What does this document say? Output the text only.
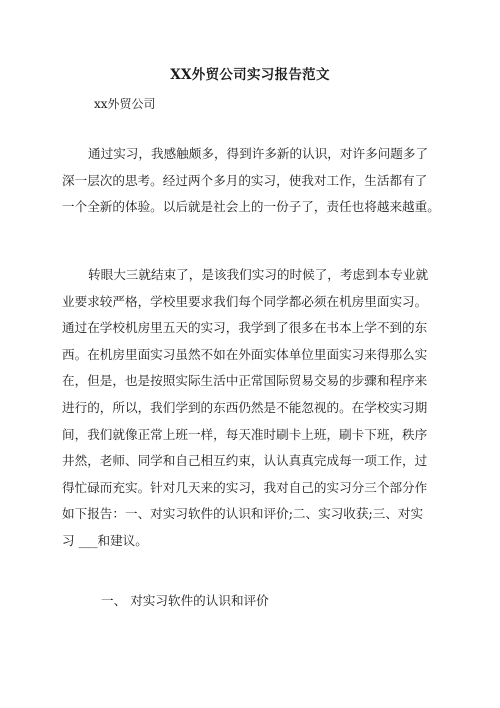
XX外贸公司实习报告范文
xx外贸公司
通过实习，我感触颇多，得到许多新的认识，对许多问题多了
深一层次的思考。经过两个多月的实习，使我对工作，生活都有了
一个全新的体验。以后就是社会上的一份子了，责任也将越来越重。
转眼大三就结束了，是该我们实习的时候了，考虑到本专业就
业要求较严格，学校里要求我们每个同学都必须在机房里面实习。
通过在学校机房里五天的实习，我学到了很多在书本上学不到的东
西。在机房里面实习虽然不如在外面实体单位里面实习来得那么实
在，但是，也是按照实际生活中正常国际贸易交易的步骤和程序来
进行的，所以，我们学到的东西仍然是不能忽视的。在学校实习期
间，我们就像正常上班一样，每天准时刷卡上班，刷卡下班，秩序
井然，老师、同学和自己相互约束，认认真真完成每一项工作，过
得忙碌而充实。针对几天来的实习，我对自己的实习分三个部分作
如下报告：一、对实习软件的认识和评价;二、实习收获;三、对实
习 ___和建议。
一、 对实习软件的认识和评价
